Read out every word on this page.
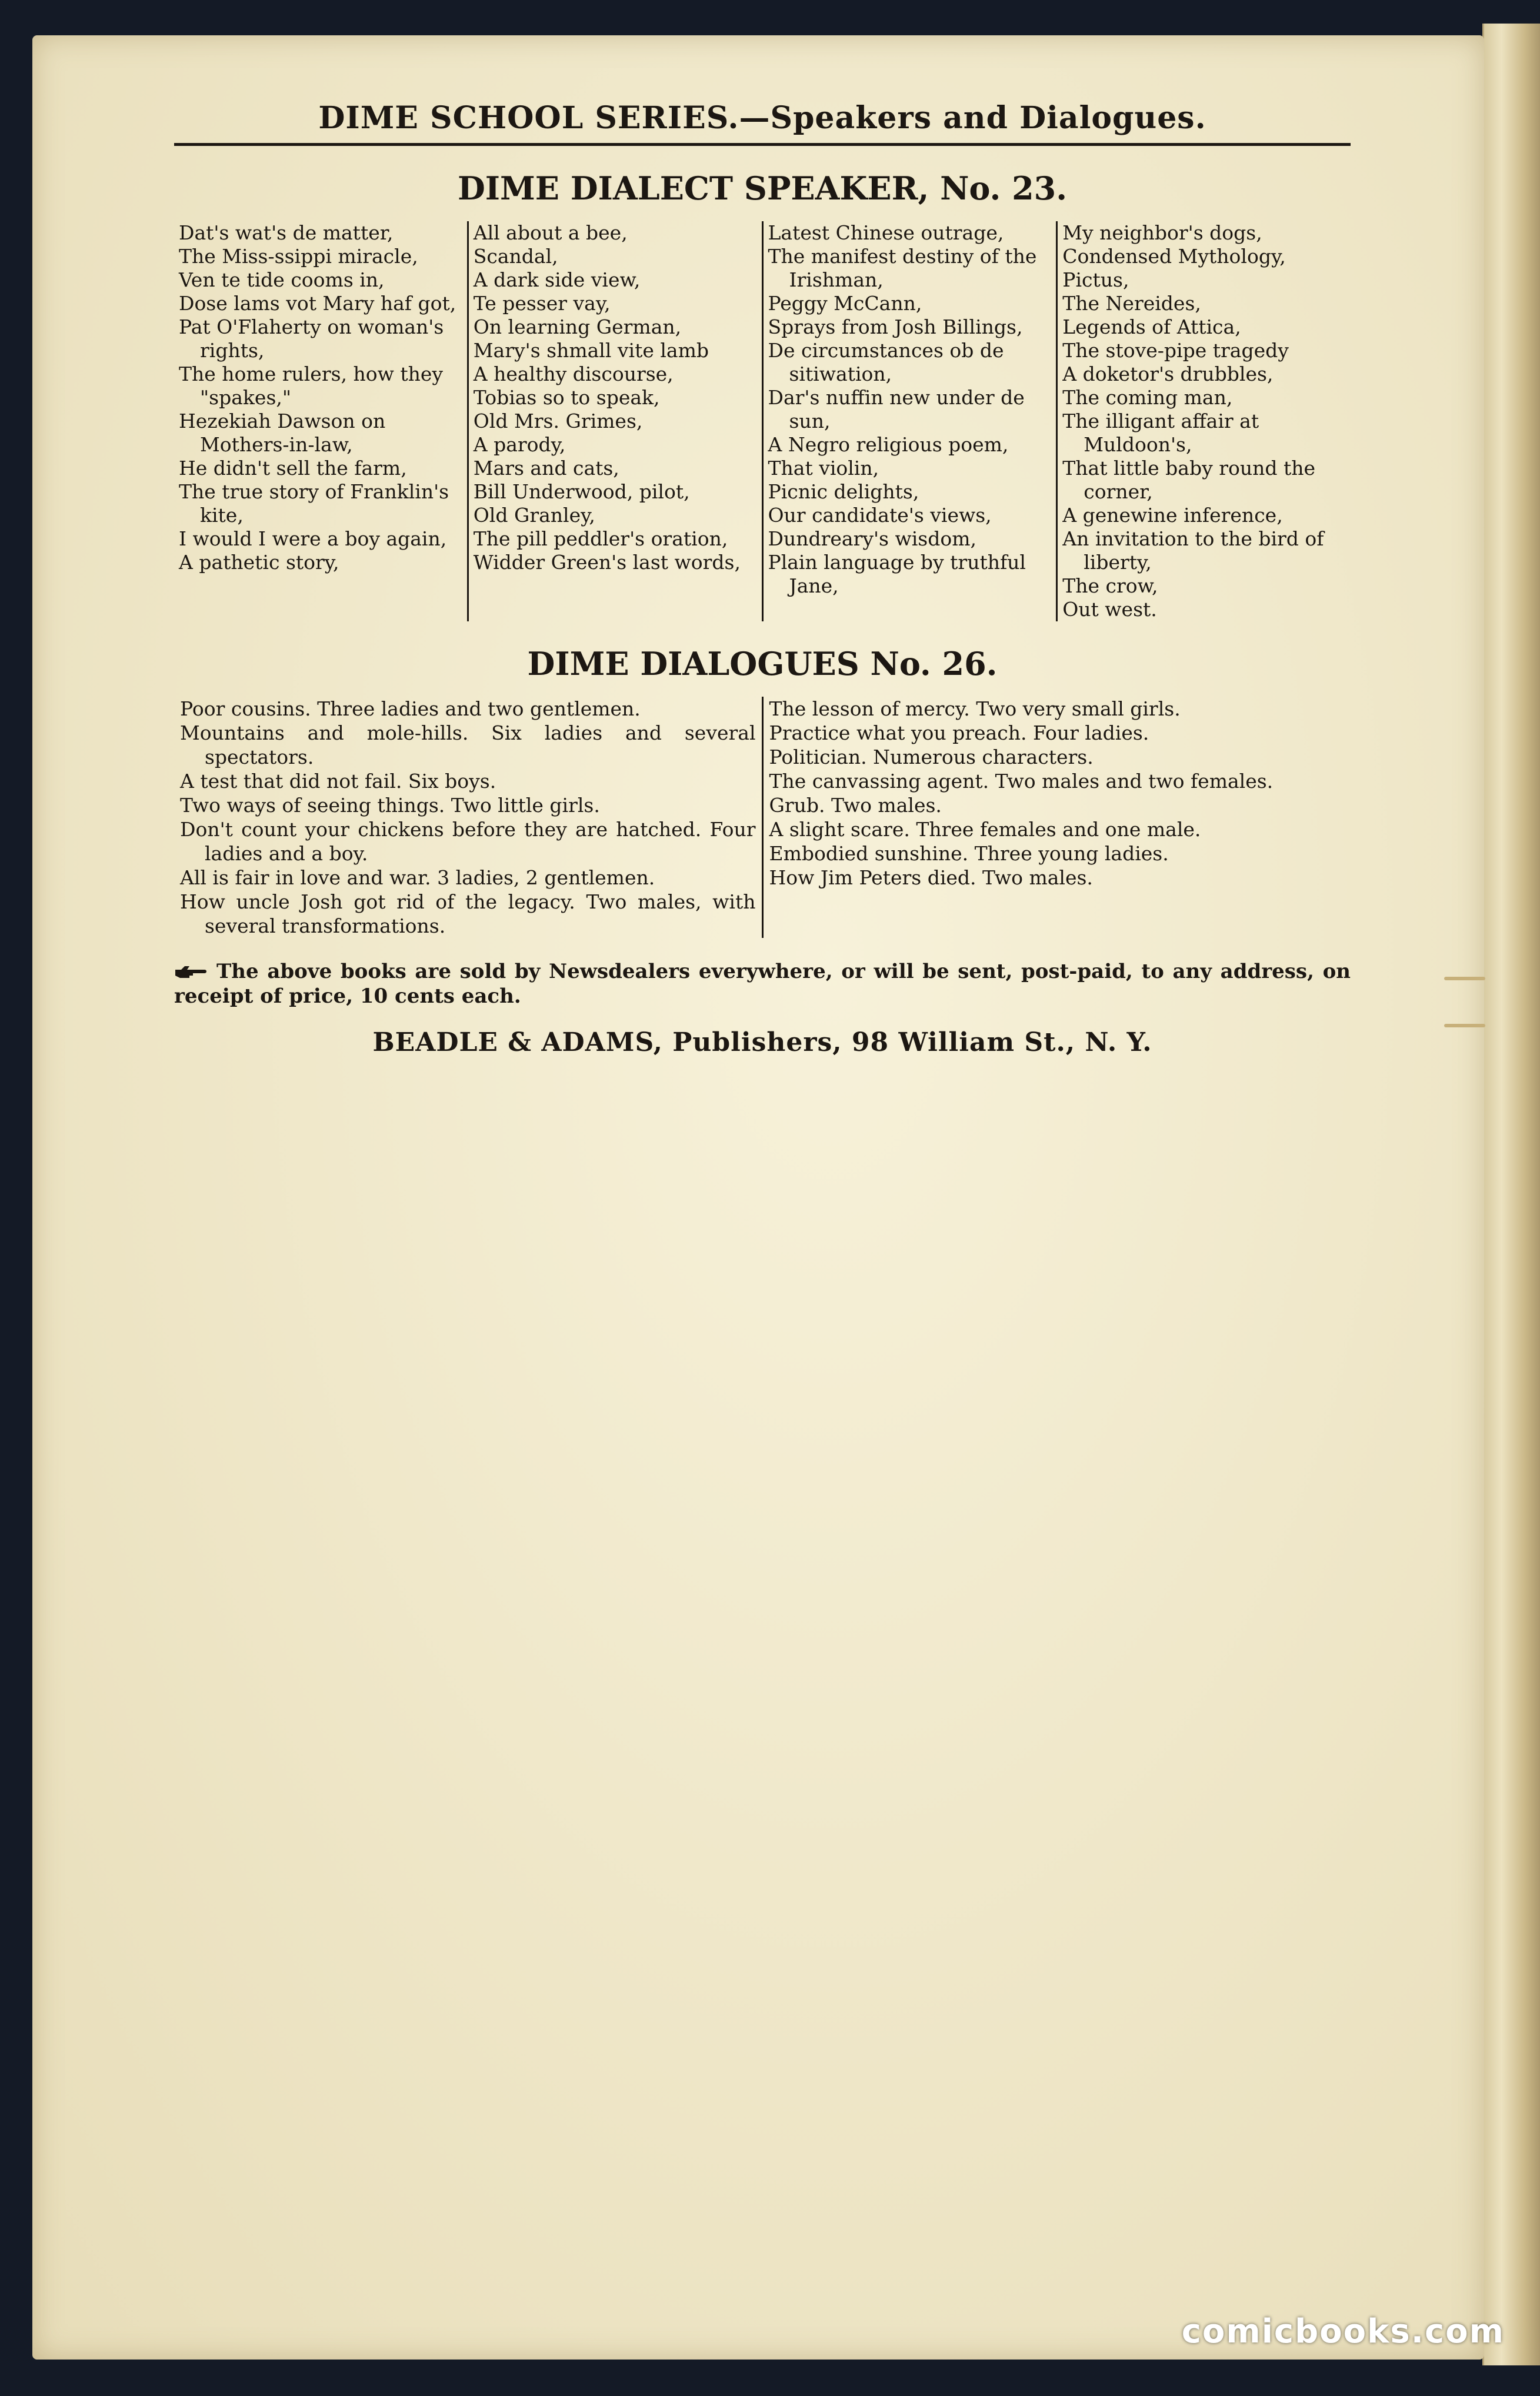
DIME SCHOOL SERIES.—Speakers and Dialogues.
DIME DIALECT SPEAKER, No. 23.
Dat's wat's de matter,
The Miss-ssippi miracle,
Ven te tide cooms in,
Dose lams vot Mary haf got,
Pat O'Flaherty on woman's rights,
The home rulers, how they "spakes,"
Hezekiah Dawson on Mothers-in-law,
He didn't sell the farm,
The true story of Franklin's kite,
I would I were a boy again,
A pathetic story,
All about a bee,
Scandal,
A dark side view,
Te pesser vay,
On learning German,
Mary's shmall vite lamb
A healthy discourse,
Tobias so to speak,
Old Mrs. Grimes,
A parody,
Mars and cats,
Bill Underwood, pilot,
Old Granley,
The pill peddler's oration,
Widder Green's last words,
Latest Chinese outrage,
The manifest destiny of the Irishman,
Peggy McCann,
Sprays from Josh Billings,
De circumstances ob de sitiwation,
Dar's nuffin new under de sun,
A Negro religious poem,
That violin,
Picnic delights,
Our candidate's views,
Dundreary's wisdom,
Plain language by truthful Jane,
My neighbor's dogs,
Condensed Mythology,
Pictus,
The Nereides,
Legends of Attica,
The stove-pipe tragedy
A doketor's drubbles,
The coming man,
The illigant affair at Muldoon's,
That little baby round the corner,
A genewine inference,
An invitation to the bird of liberty,
The crow,
Out west.
DIME DIALOGUES No. 26.
Poor cousins. Three ladies and two gentlemen.
Mountains and mole-hills. Six ladies and several spectators.
A test that did not fail. Six boys.
Two ways of seeing things. Two little girls.
Don't count your chickens before they are hatched. Four ladies and a boy.
All is fair in love and war. 3 ladies, 2 gentlemen.
How uncle Josh got rid of the legacy. Two males, with several transformations.
The lesson of mercy. Two very small girls.
Practice what you preach. Four ladies.
Politician. Numerous characters.
The canvassing agent. Two males and two females.
Grub. Two males.
A slight scare. Three females and one male.
Embodied sunshine. Three young ladies.
How Jim Peters died. Two males.
The above books are sold by Newsdealers everywhere, or will be sent, post-paid, to any address, on receipt of price, 10 cents each.
BEADLE & ADAMS, Publishers, 98 William St., N. Y.
comicbooks.com
